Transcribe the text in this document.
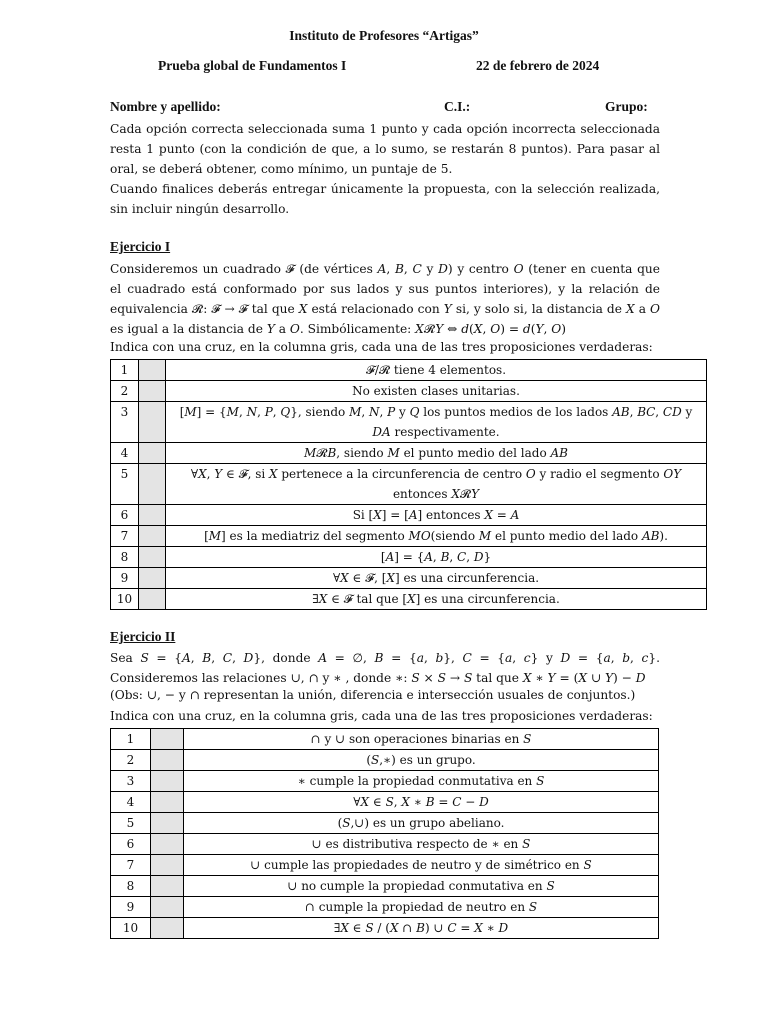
Instituto de Profesores “Artigas”
Prueba global de Fundamentos I	22 de febrero de 2024
Nombre y apellido:	C.I.:	Grupo:

Cada opción correcta seleccionada suma 1 punto y cada opción incorrecta seleccionada resta 1 punto (con la condición de que, a lo sumo, se restarán 8 puntos). Para pasar al oral, se deberá obtener, como mínimo, un puntaje de 5.

Cuando finalices deberás entregar únicamente la propuesta, con la selección realizada, sin incluir ningún desarrollo.

Ejercicio I
Consideremos un cuadrado 𝓕 (de vértices 𝐴, 𝐵, 𝐶 y 𝐷) y centro 𝑂 (tener en cuenta que el cuadrado está conformado por sus lados y sus puntos interiores), y la relación de equivalencia 𝓡: 𝓕 → 𝓕 tal que 𝑋 está relacionado con 𝑌 si, y solo si, la distancia de 𝑋 a 𝑂 es igual a la distancia de 𝑌 a 𝑂. Simbólicamente: 𝑋𝓡𝑌 ⇔ 𝑑(𝑋, 𝑂) = 𝑑(𝑌, 𝑂)
Indica con una cruz, en la columna gris, cada una de las tres proposiciones verdaderas:
1		𝓕/𝓡 tiene 4 elementos.
2		No existen clases unitarias.
3		[𝑀] = {𝑀, 𝑁, 𝑃, 𝑄}, siendo 𝑀, 𝑁, 𝑃 y 𝑄 los puntos medios de los lados 𝐴𝐵, 𝐵𝐶, 𝐶𝐷 y 𝐷𝐴 respectivamente.
4		𝑀𝓡𝐵, siendo 𝑀 el punto medio del lado 𝐴𝐵
5		∀𝑋, 𝑌 ∈ 𝓕, si 𝑋 pertenece a la circunferencia de centro 𝑂 y radio el segmento 𝑂𝑌 entonces 𝑋𝓡𝑌
6		Si [𝑋] = [𝐴] entonces 𝑋 = 𝐴
7		[𝑀] es la mediatriz del segmento 𝑀𝑂(siendo 𝑀 el punto medio del lado 𝐴𝐵).
8		[𝐴] = {𝐴, 𝐵, 𝐶, 𝐷}
9		∀𝑋 ∈ 𝓕, [𝑋] es una circunferencia.
10		∃𝑋 ∈ 𝓕 tal que [𝑋] es una circunferencia.
Ejercicio II
Sea 𝑆 = {𝐴, 𝐵, 𝐶, 𝐷}, donde 𝐴 = ∅, 𝐵 = {𝑎, 𝑏}, 𝐶 = {𝑎, 𝑐} y 𝐷 = {𝑎, 𝑏, 𝑐}. Consideremos las relaciones ∪, ∩ y ∗ , donde ∗: 𝑆 × 𝑆 → 𝑆 tal que 𝑋 ∗ 𝑌 = (𝑋 ∪ 𝑌) − 𝐷
(Obs: ∪, − y ∩ representan la unión, diferencia e intersección usuales de conjuntos.)
Indica con una cruz, en la columna gris, cada una de las tres proposiciones verdaderas:
1		∩ y ∪ son operaciones binarias en 𝑆
2		(𝑆,∗) es un grupo.
3		∗ cumple la propiedad conmutativa en 𝑆
4		∀𝑋 ∈ 𝑆, 𝑋 ∗ 𝐵 = 𝐶 − 𝐷
5		(𝑆,∪) es un grupo abeliano.
6		∪ es distributiva respecto de ∗ en 𝑆
7		∪ cumple las propiedades de neutro y de simétrico en 𝑆
8		∪ no cumple la propiedad conmutativa en 𝑆
9		∩ cumple la propiedad de neutro en 𝑆
10		∃𝑋 ∈ 𝑆 / (𝑋 ∩ 𝐵) ∪ 𝐶 = 𝑋 ∗ 𝐷
